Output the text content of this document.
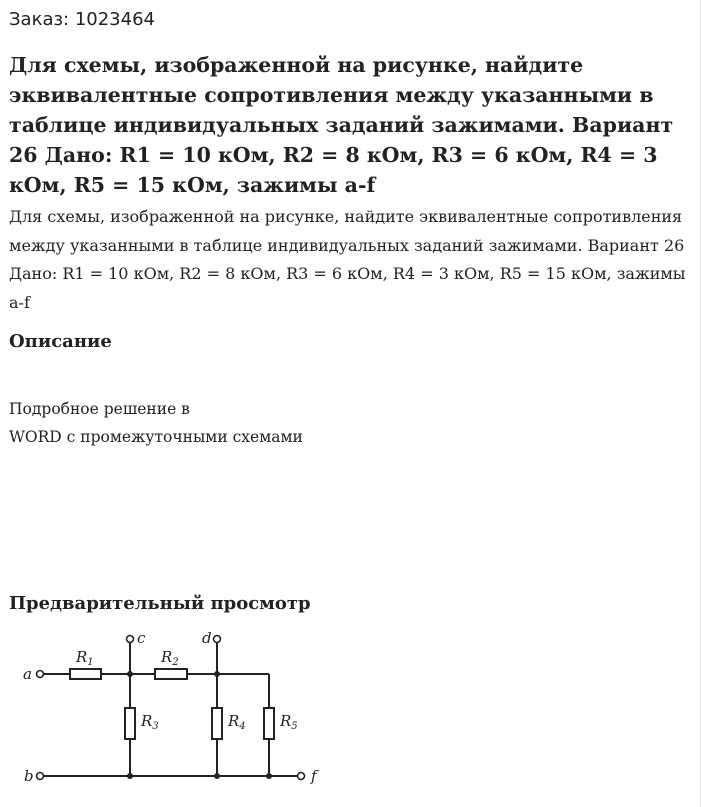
Заказ: 1023464
Для схемы, изображенной на рисунке, найдите эквивалентные сопротивления между указанными в таблице индивидуальных заданий зажимами. Вариант 26 Дано: R1 = 10 кОм, R2 = 8 кОм, R3 = 6 кОм, R4 = 3 кОм, R5 = 15 кОм, зажимы a-f

Для схемы, изображенной на рисунке, найдите эквивалентные сопротивления между указанными в таблице индивидуальных заданий зажимами. Вариант 26 Дано: R1 = 10 кОм, R2 = 8 кОм, R3 = 6 кОм, R4 = 3 кОм, R5 = 15 кОм, зажимы a-f

Описание

Подробное решение в
WORD с промежуточными схемами

Предварительный просмотр
a
b
c	d
f
$R_1$	$R_2$
$R_3$	$R_4$ $R_5$
